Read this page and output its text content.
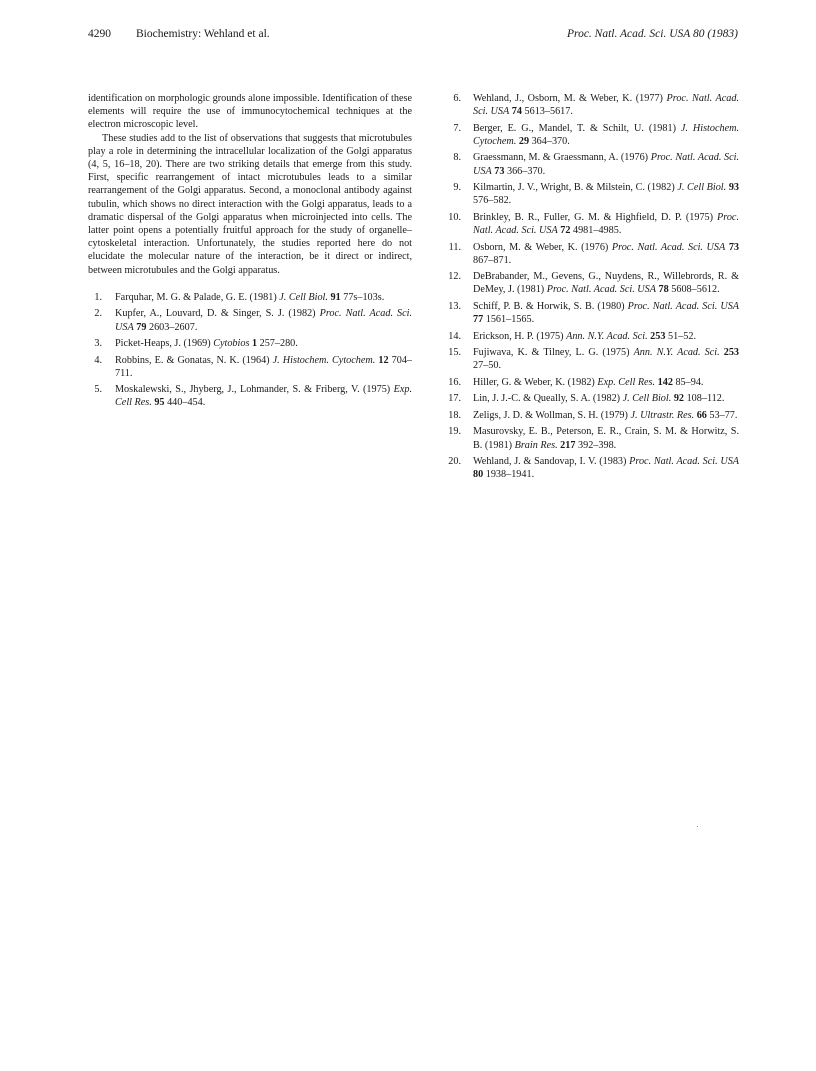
4290 Biochemistry: Wehland et al.	Proc. Natl. Acad. Sci. USA 80 (1983)

identification on morphologic grounds alone impossible. Identification of these elements will require the use of immunocytochemical techniques at the electron microscopic level.

These studies add to the list of observations that suggests that microtubules play a role in determining the intracellular localization of the Golgi apparatus (4, 5, 16–18, 20). There are two striking details that emerge from this study. First, specific rearrangement of intact microtubules leads to a similar rearrangement of the Golgi apparatus. Second, a monoclonal antibody against tubulin, which shows no direct interaction with the Golgi apparatus, leads to a dramatic dispersal of the Golgi apparatus when microinjected into cells. The latter point opens a potentially fruitful approach for the study of organelle–cytoskeletal interaction. Unfortunately, the studies reported here do not elucidate the molecular nature of the interaction, be it direct or indirect, between microtubules and the Golgi apparatus.

1. Farquhar, M. G. & Palade, G. E. (1981) J. Cell Biol. 91 77s–103s.
2. Kupfer, A., Louvard, D. & Singer, S. J. (1982) Proc. Natl. Acad. Sci. USA 79 2603–2607.
3. Picket-Heaps, J. (1969) Cytobios 1 257–280.
4. Robbins, E. & Gonatas, N. K. (1964) J. Histochem. Cytochem. 12 704–711.
5. Moskalewski, S., Jhyberg, J., Lohmander, S. & Friberg, V. (1975) Exp. Cell Res. 95 440–454.
6. Wehland, J., Osborn, M. & Weber, K. (1977) Proc. Natl. Acad. Sci. USA 74 5613–5617.
7. Berger, E. G., Mandel, T. & Schilt, U. (1981) J. Histochem. Cytochem. 29 364–370.
8. Graessmann, M. & Graessmann, A. (1976) Proc. Natl. Acad. Sci. USA 73 366–370.
9. Kilmartin, J. V., Wright, B. & Milstein, C. (1982) J. Cell Biol. 93 576–582.
10. Brinkley, B. R., Fuller, G. M. & Highfield, D. P. (1975) Proc. Natl. Acad. Sci. USA 72 4981–4985.
11. Osborn, M. & Weber, K. (1976) Proc. Natl. Acad. Sci. USA 73 867–871.
12. DeBrabander, M., Gevens, G., Nuydens, R., Willebrords, R. & DeMey, J. (1981) Proc. Natl. Acad. Sci. USA 78 5608–5612.
13. Schiff, P. B. & Horwik, S. B. (1980) Proc. Natl. Acad. Sci. USA 77 1561–1565.
14. Erickson, H. P. (1975) Ann. N.Y. Acad. Sci. 253 51–52.
15. Fujiwava, K. & Tilney, L. G. (1975) Ann. N.Y. Acad. Sci. 253 27–50.
16. Hiller, G. & Weber, K. (1982) Exp. Cell Res. 142 85–94.
17. Lin, J. J.-C. & Queally, S. A. (1982) J. Cell Biol. 92 108–112.
18. Zeligs, J. D. & Wollman, S. H. (1979) J. Ultrastr. Res. 66 53–77.
19. Masurovsky, E. B., Peterson, E. R., Crain, S. M. & Horwitz, S. B. (1981) Brain Res. 217 392–398.
20. Wehland, J. & Sandovap, I. V. (1983) Proc. Natl. Acad. Sci. USA 80 1938–1941.
